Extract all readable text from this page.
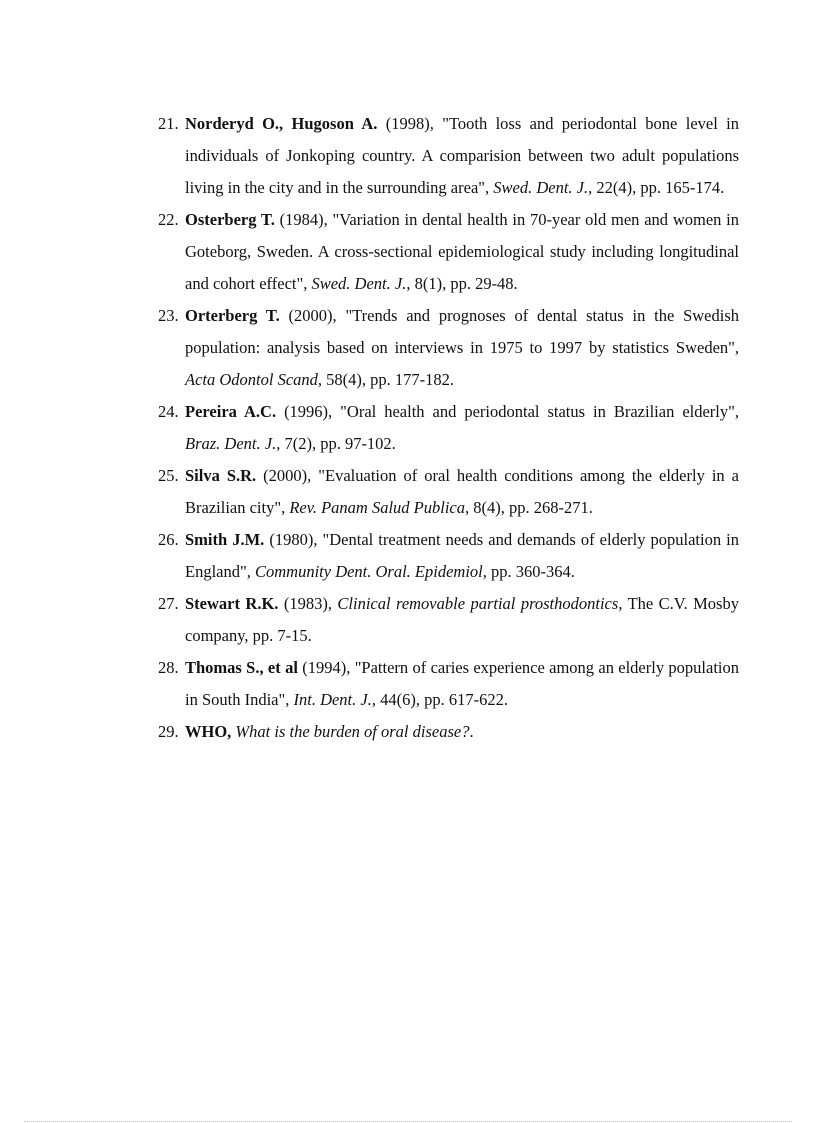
21. Norderyd O., Hugoson A. (1998), "Tooth loss and periodontal bone level in individuals of Jonkoping country. A comparision between two adult populations living in the city and in the surrounding area", Swed. Dent. J., 22(4), pp. 165-174.
22. Osterberg T. (1984), "Variation in dental health in 70-year old men and women in Goteborg, Sweden. A cross-sectional epidemiological study including longitudinal and cohort effect", Swed. Dent. J., 8(1), pp. 29-48.
23. Orterberg T. (2000), "Trends and prognoses of dental status in the Swedish population: analysis based on interviews in 1975 to 1997 by statistics Sweden", Acta Odontol Scand, 58(4), pp. 177-182.
24. Pereira A.C. (1996), "Oral health and periodontal status in Brazilian elderly", Braz. Dent. J., 7(2), pp. 97-102.
25. Silva S.R. (2000), "Evaluation of oral health conditions among the elderly in a Brazilian city", Rev. Panam Salud Publica, 8(4), pp. 268-271.
26. Smith J.M. (1980), "Dental treatment needs and demands of elderly population in England", Community Dent. Oral. Epidemiol, pp. 360-364.
27. Stewart R.K. (1983), Clinical removable partial prosthodontics, The C.V. Mosby company, pp. 7-15.
28. Thomas S., et al (1994), "Pattern of caries experience among an elderly population in South India", Int. Dent. J., 44(6), pp. 617-622.
29. WHO, What is the burden of oral disease?.
